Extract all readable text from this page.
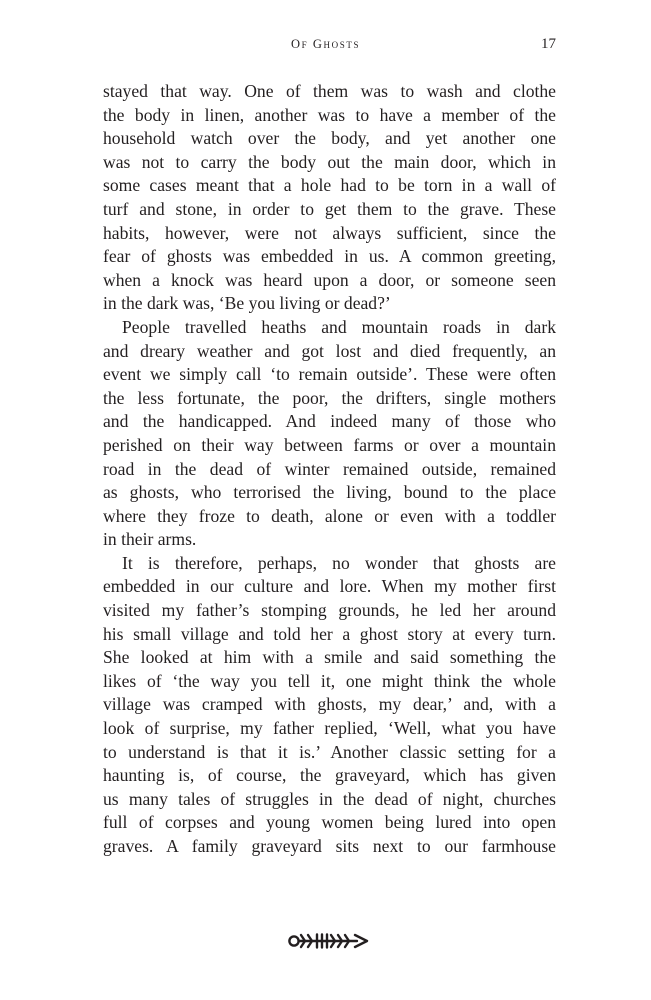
Of Ghosts	17
stayed that way. One of them was to wash and clothe
the body in linen, another was to have a member of the
household watch over the body, and yet another one
was not to carry the body out the main door, which in
some cases meant that a hole had to be torn in a wall of
turf and stone, in order to get them to the grave. These
habits, however, were not always sufficient, since the
fear of ghosts was embedded in us. A common greeting,
when a knock was heard upon a door, or someone seen
in the dark was, ‘Be you living or dead?’
People travelled heaths and mountain roads in dark
and dreary weather and got lost and died frequently, an
event we simply call ‘to remain outside’. These were often
the less fortunate, the poor, the drifters, single mothers
and the handicapped. And indeed many of those who
perished on their way between farms or over a mountain
road in the dead of winter remained outside, remained
as ghosts, who terrorised the living, bound to the place
where they froze to death, alone or even with a toddler
in their arms.
It is therefore, perhaps, no wonder that ghosts are
embedded in our culture and lore. When my mother first
visited my father’s stomping grounds, he led her around
his small village and told her a ghost story at every turn.
She looked at him with a smile and said something the
likes of ‘the way you tell it, one might think the whole
village was cramped with ghosts, my dear,’ and, with a
look of surprise, my father replied, ‘Well, what you have
to understand is that it is.’ Another classic setting for a
haunting is, of course, the graveyard, which has given
us many tales of struggles in the dead of night, churches
full of corpses and young women being lured into open
graves. A family graveyard sits next to our farmhouse
